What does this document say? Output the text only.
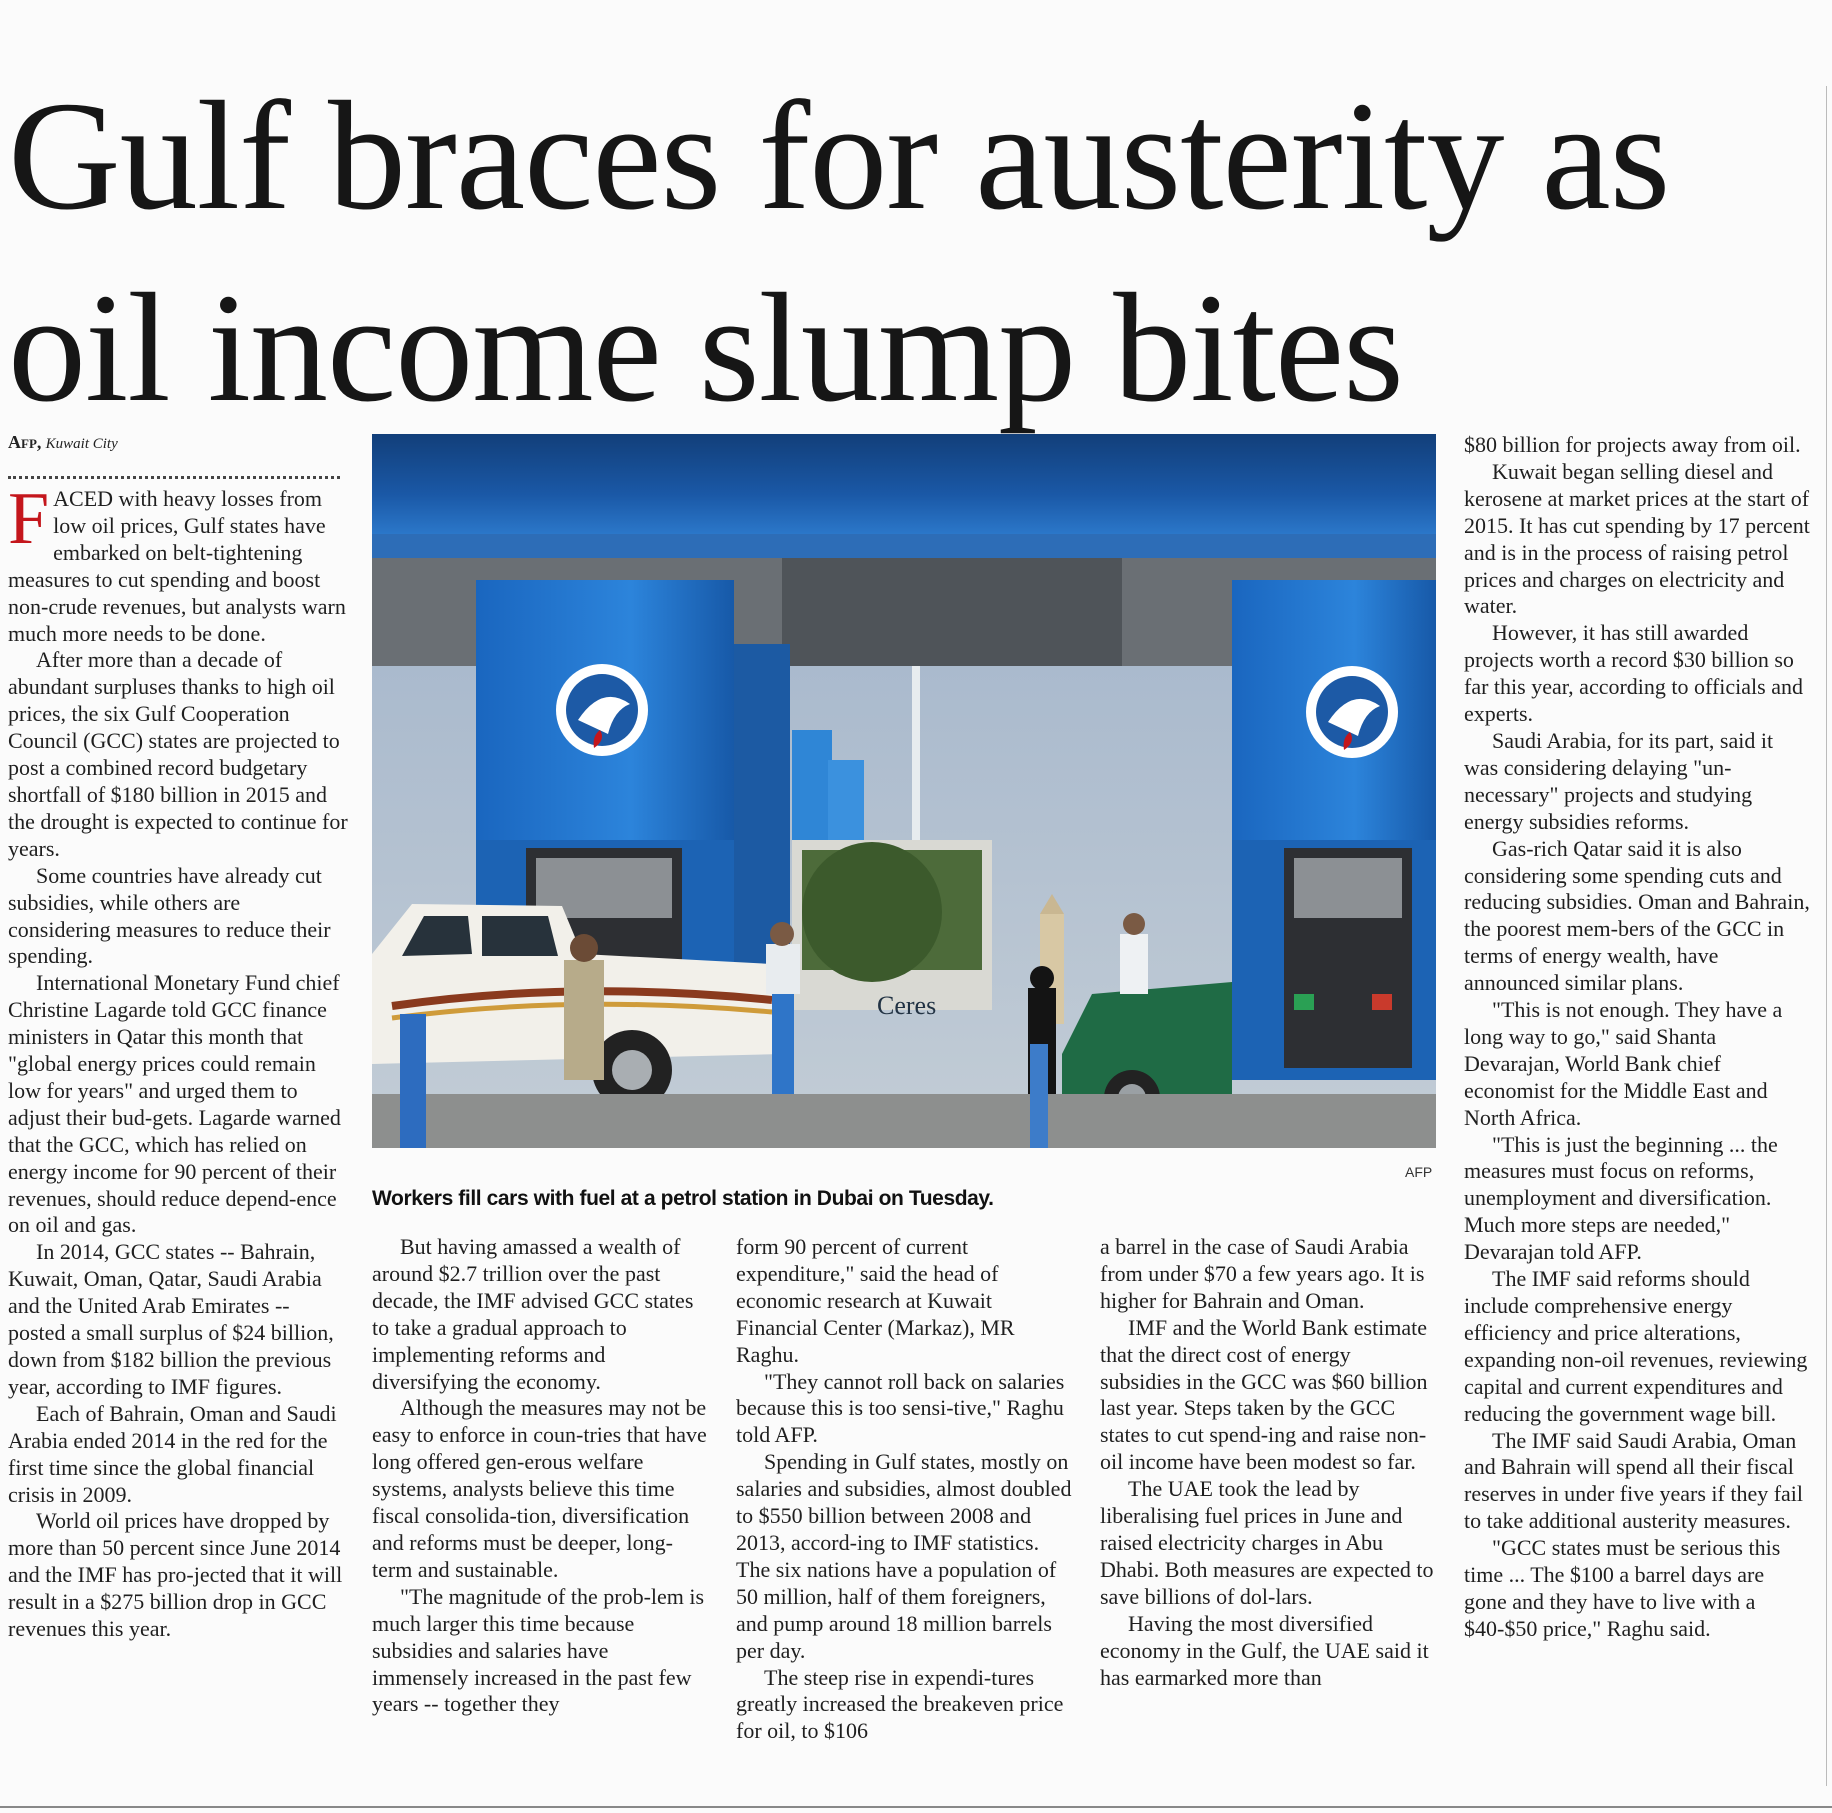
Gulf braces for austerity as
oil income slump bites
Afp, Kuwait City

FACED with heavy losses from low oil prices, Gulf states have embarked on belt-tightening measures to cut spending and boost non-crude revenues, but analysts warn much more needs to be done.

After more than a decade of abundant surpluses thanks to high oil prices, the six Gulf Cooperation Council (GCC) states are projected to post a combined record budgetary shortfall of $180 billion in 2015 and the drought is expected to continue for years.

Some countries have already cut subsidies, while others are considering measures to reduce their spending.

International Monetary Fund chief Christine Lagarde told GCC finance ministers in Qatar this month that "global energy prices could remain low for years" and urged them to adjust their bud-gets. Lagarde warned that the GCC, which has relied on energy income for 90 percent of their revenues, should reduce depend-ence on oil and gas.

In 2014, GCC states -- Bahrain, Kuwait, Oman, Qatar, Saudi Arabia and the United Arab Emirates -- posted a small surplus of $24 billion, down from $182 billion the previous year, according to IMF figures.

Each of Bahrain, Oman and Saudi Arabia ended 2014 in the red for the first time since the global financial crisis in 2009.

World oil prices have dropped by more than 50 percent since June 2014 and the IMF has pro-jected that it will result in a $275 billion drop in GCC revenues this year.

Ceres
AFP
Workers fill cars with fuel at a petrol station in Dubai on Tuesday.

But having amassed a wealth of around $2.7 trillion over the past decade, the IMF advised GCC states to take a gradual approach to implementing reforms and diversifying the economy.

Although the measures may not be easy to enforce in coun-tries that have long offered gen-erous welfare systems, analysts believe this time fiscal consolida-tion, diversification and reforms must be deeper, long-term and sustainable.

"The magnitude of the prob-lem is much larger this time because subsidies and salaries have immensely increased in the past few years -- together they

form 90 percent of current expenditure," said the head of economic research at Kuwait Financial Center (Markaz), MR Raghu.

"They cannot roll back on salaries because this is too sensi-tive," Raghu told AFP.

Spending in Gulf states, mostly on salaries and subsidies, almost doubled to $550 billion between 2008 and 2013, accord-ing to IMF statistics. The six nations have a population of 50 million, half of them foreigners, and pump around 18 million barrels per day.

The steep rise in expendi-tures greatly increased the breakeven price for oil, to $106

a barrel in the case of Saudi Arabia from under $70 a few years ago. It is higher for Bahrain and Oman.

IMF and the World Bank estimate that the direct cost of energy subsidies in the GCC was $60 billion last year. Steps taken by the GCC states to cut spend-ing and raise non-oil income have been modest so far.

The UAE took the lead by liberalising fuel prices in June and raised electricity charges in Abu Dhabi. Both measures are expected to save billions of dol-lars.

Having the most diversified economy in the Gulf, the UAE said it has earmarked more than

$80 billion for projects away from oil.

Kuwait began selling diesel and kerosene at market prices at the start of 2015. It has cut spending by 17 percent and is in the process of raising petrol prices and charges on electricity and water.

However, it has still awarded projects worth a record $30 billion so far this year, according to officials and experts.

Saudi Arabia, for its part, said it was considering delaying "un-necessary" projects and studying energy subsidies reforms.

Gas-rich Qatar said it is also considering some spending cuts and reducing subsidies. Oman and Bahrain, the poorest mem-bers of the GCC in terms of energy wealth, have announced similar plans.

"This is not enough. They have a long way to go," said Shanta Devarajan, World Bank chief economist for the Middle East and North Africa.

"This is just the beginning ... the measures must focus on reforms, unemployment and diversification. Much more steps are needed," Devarajan told AFP.

The IMF said reforms should include comprehensive energy efficiency and price alterations, expanding non-oil revenues, reviewing capital and current expenditures and reducing the government wage bill.

The IMF said Saudi Arabia, Oman and Bahrain will spend all their fiscal reserves in under five years if they fail to take additional austerity measures.

"GCC states must be serious this time ... The $100 a barrel days are gone and they have to live with a $40-$50 price," Raghu said.
